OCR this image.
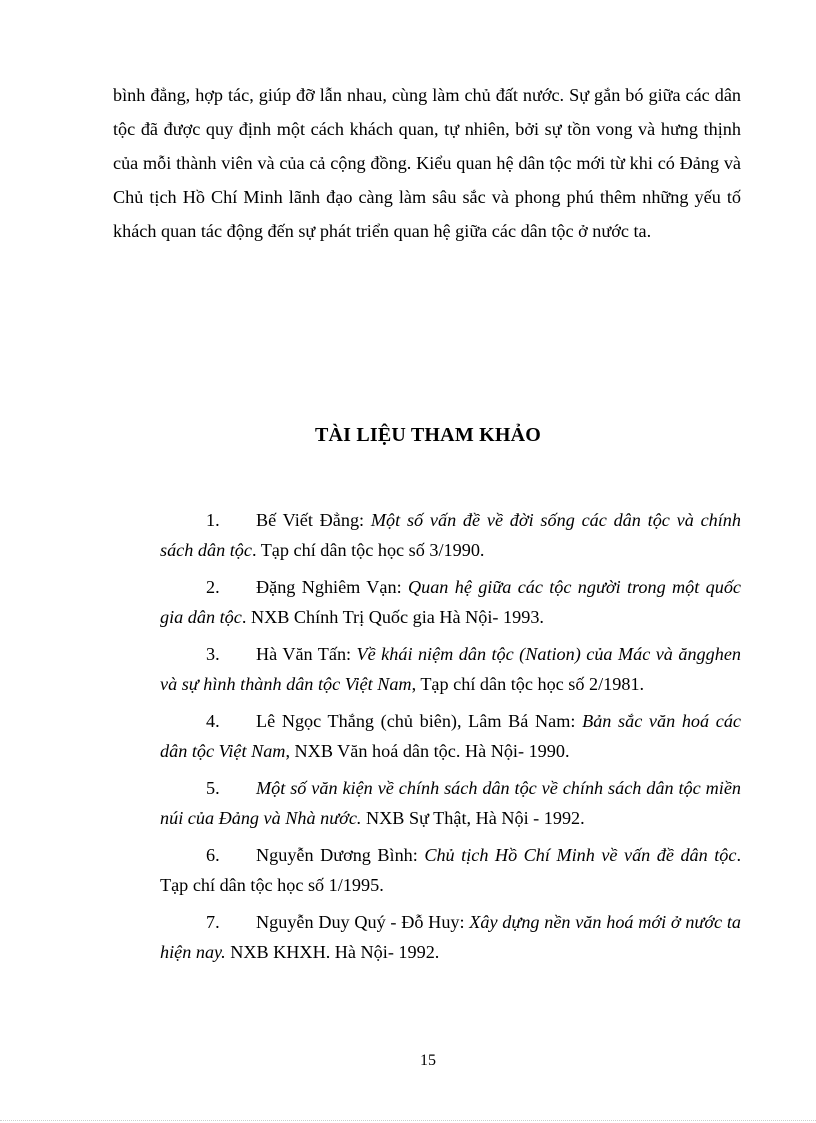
bình đẳng, hợp tác, giúp đỡ lẫn nhau, cùng làm chủ đất nước. Sự gắn bó giữa các dân tộc đã được quy định một cách khách quan, tự nhiên, bởi sự tồn vong và hưng thịnh của mỗi thành viên và của cả cộng đồng. Kiểu quan hệ dân tộc mới từ khi có Đảng và Chủ tịch Hồ Chí Minh lãnh đạo càng làm sâu sắc và phong phú thêm những yếu tố khách quan tác động đến sự phát triển quan hệ giữa các dân tộc ở nước ta.

TÀI LIỆU THAM KHẢO
1. Bế Viết Đẳng: Một số vấn đề về đời sống các dân tộc và chính sách dân tộc. Tạp chí dân tộc học số 3/1990.
2. Đặng Nghiêm Vạn: Quan hệ giữa các tộc người trong một quốc gia dân tộc. NXB Chính Trị Quốc gia Hà Nội- 1993.
3. Hà Văn Tấn: Về khái niệm dân tộc (Nation) của Mác và ăngghen và sự hình thành dân tộc Việt Nam, Tạp chí dân tộc học số 2/1981.
4. Lê Ngọc Thắng (chủ biên), Lâm Bá Nam: Bản sắc văn hoá các dân tộc Việt Nam, NXB Văn hoá dân tộc. Hà Nội- 1990.
5. Một số văn kiện về chính sách dân tộc về chính sách dân tộc miền núi của Đảng và Nhà nước. NXB Sự Thật, Hà Nội - 1992.
6. Nguyễn Dương Bình: Chủ tịch Hồ Chí Minh về vấn đề dân tộc. Tạp chí dân tộc học số 1/1995.
7. Nguyễn Duy Quý - Đỗ Huy: Xây dựng nền văn hoá mới ở nước ta hiện nay. NXB KHXH. Hà Nội- 1992.

15
